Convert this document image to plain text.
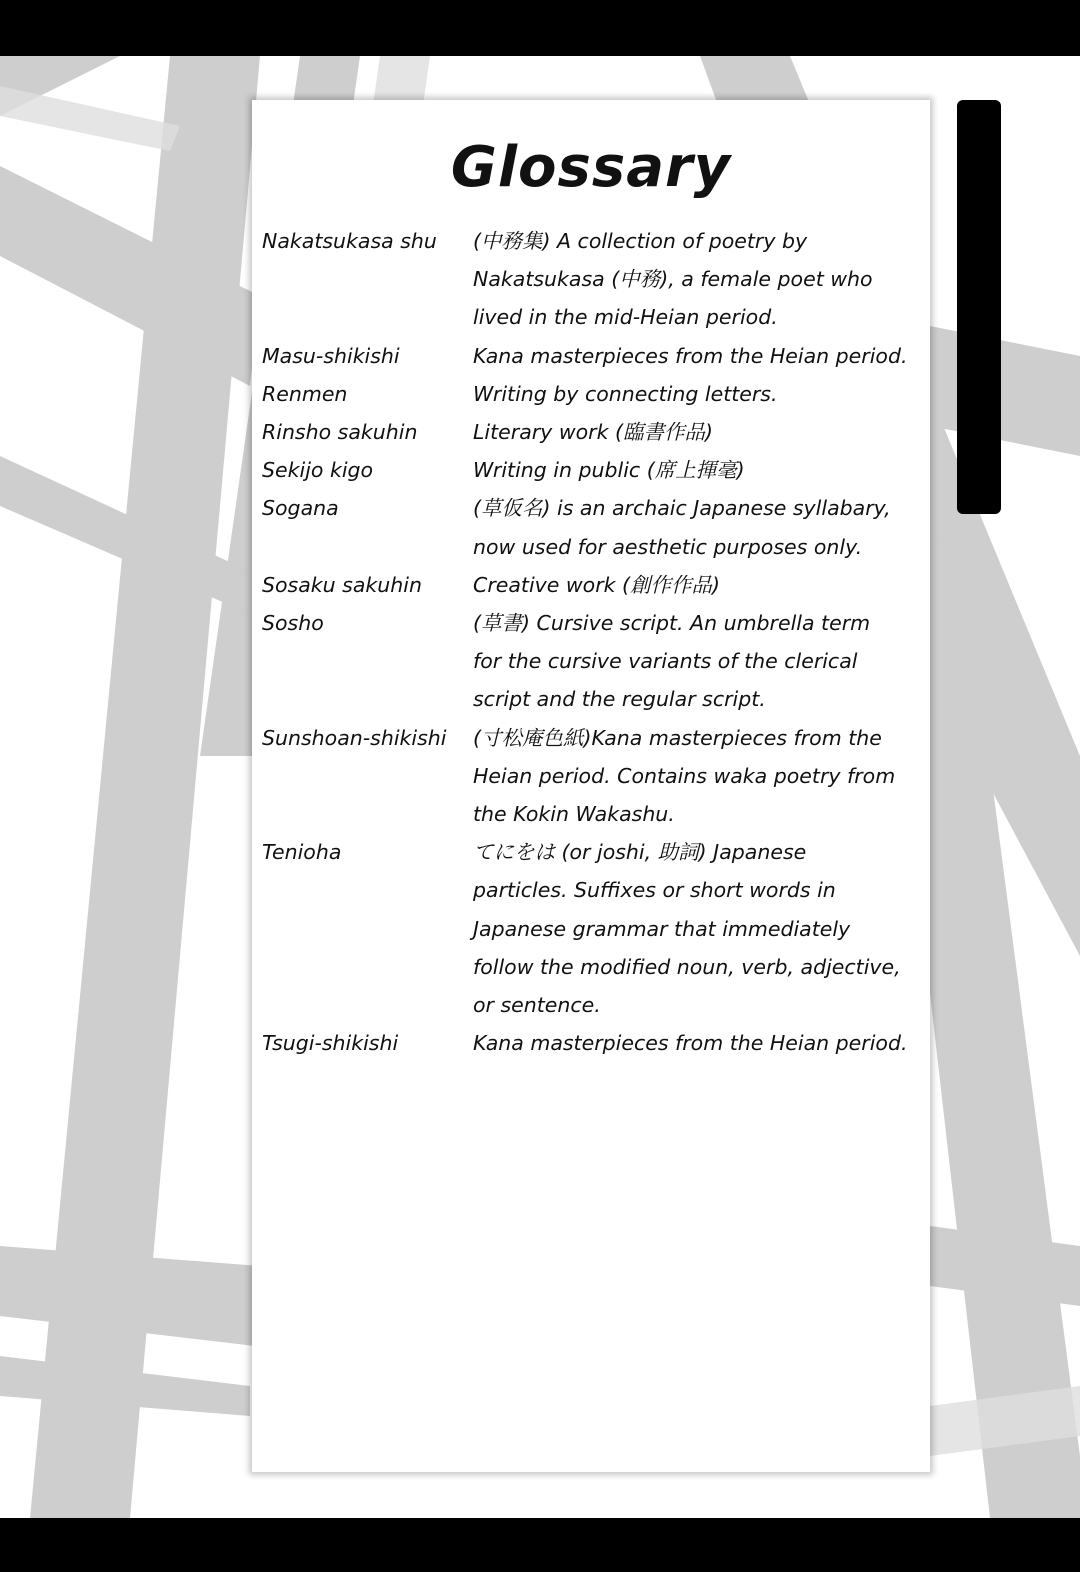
Glossary
Nakatsukasa shu	(中務集) A collection of poetry by
Nakatsukasa (中務), a female poet who
lived in the mid-Heian period.
Masu-shikishi	Kana masterpieces from the Heian period.
Renmen	Writing by connecting letters.
Rinsho sakuhin	Literary work (臨書作品)
Sekijo kigo	Writing in public (席上揮毫)
Sogana	(草仮名) is an archaic Japanese syllabary,
now used for aesthetic purposes only.
Sosaku sakuhin	Creative work (創作作品)
Sosho	(草書) Cursive script. An umbrella term
for the cursive variants of the clerical
script and the regular script.
Sunshoan-shikishi	(寸松庵色紙)Kana masterpieces from the
Heian period. Contains waka poetry from
the Kokin Wakashu.
Tenioha	てにをは (or joshi, 助詞) Japanese
particles. Suffixes or short words in
Japanese grammar that immediately
follow the modified noun, verb, adjective,
or sentence.
Tsugi-shikishi	Kana masterpieces from the Heian period.
